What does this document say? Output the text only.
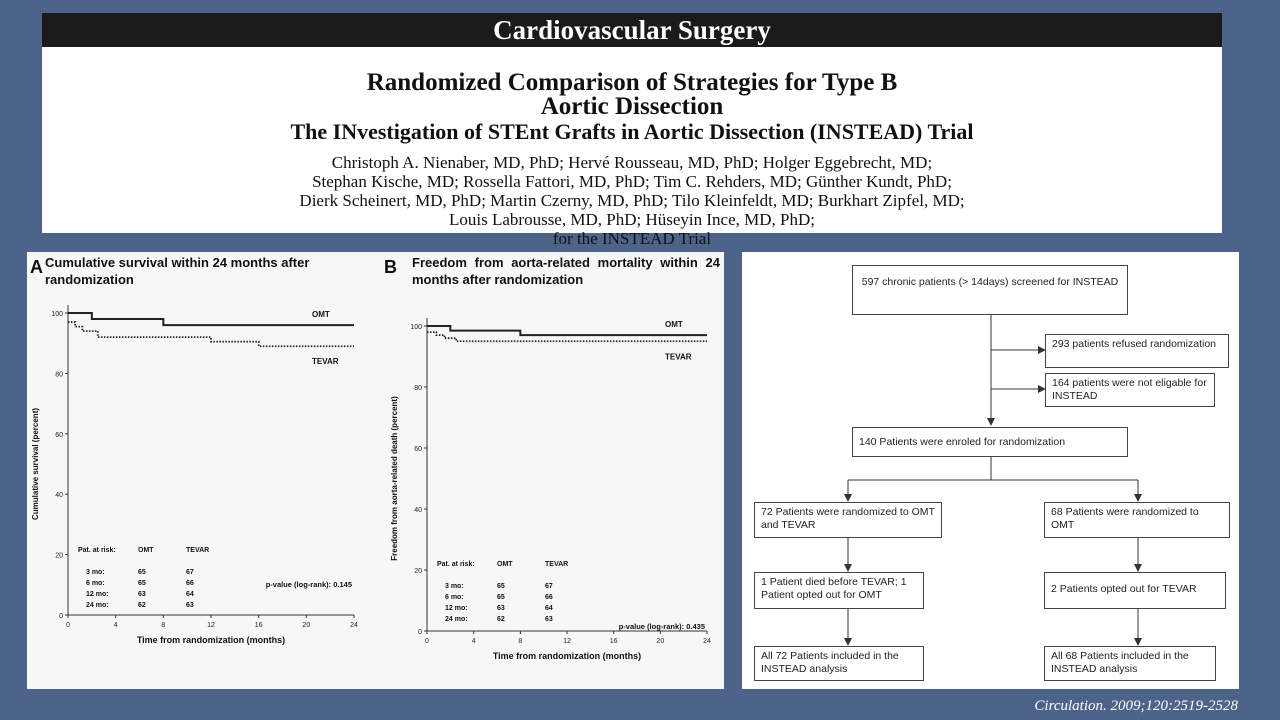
Cardiovascular Surgery
Randomized Comparison of Strategies for Type B
Aortic Dissection
The INvestigation of STEnt Grafts in Aortic Dissection (INSTEAD) Trial
Christoph A. Nienaber, MD, PhD; Hervé Rousseau, MD, PhD; Holger Eggebrecht, MD;
Stephan Kische, MD; Rossella Fattori, MD, PhD; Tim C. Rehders, MD; Günther Kundt, PhD;
Dierk Scheinert, MD, PhD; Martin Czerny, MD, PhD; Tilo Kleinfeldt, MD; Burkhart Zipfel, MD;
Louis Labrousse, MD, PhD; Hüseyin Ince, MD, PhD;
for the INSTEAD Trial
A Cumulative survival within 24 months after randomization
B Freedom from aorta-related mortality within 24 months after randomization
0
20
40
60
80
100
0	4	8	12	16	20	24
Time from randomization (months)
Cumulative survival (percent)
OMT
TEVAR
Pat. at risk:	OMT	TEVAR
3 mo:	65	67
6 mo:	65	66
12 mo:	63	64
24 mo:	62	63
p-value (log-rank): 0.145
0
20
40
60
80
100
0	4	8	12	16	20	24
Time from randomization (months)
Freedom from aorta-related death (percent)
OMT
TEVAR
Pat. at risk:	OMT	TEVAR
3 mo:	65	67
6 mo:	65	66
12 mo:	63	64
24 mo:	62	63
p-value (log-rank): 0.435
597 chronic patients (> 14days) screened for INSTEAD
293 patients refused randomization
164 patients were not eligable for INSTEAD
140 Patients were enroled for randomization
72 Patients were randomized to OMT and TEVAR
68 Patients were randomized to OMT
1 Patient died before TEVAR; 1 Patient opted out for OMT	2 Patients opted out for TEVAR
All 72 Patients included in the INSTEAD analysis
All 68 Patients included in the INSTEAD analysis
Circulation. 2009;120:2519-2528
